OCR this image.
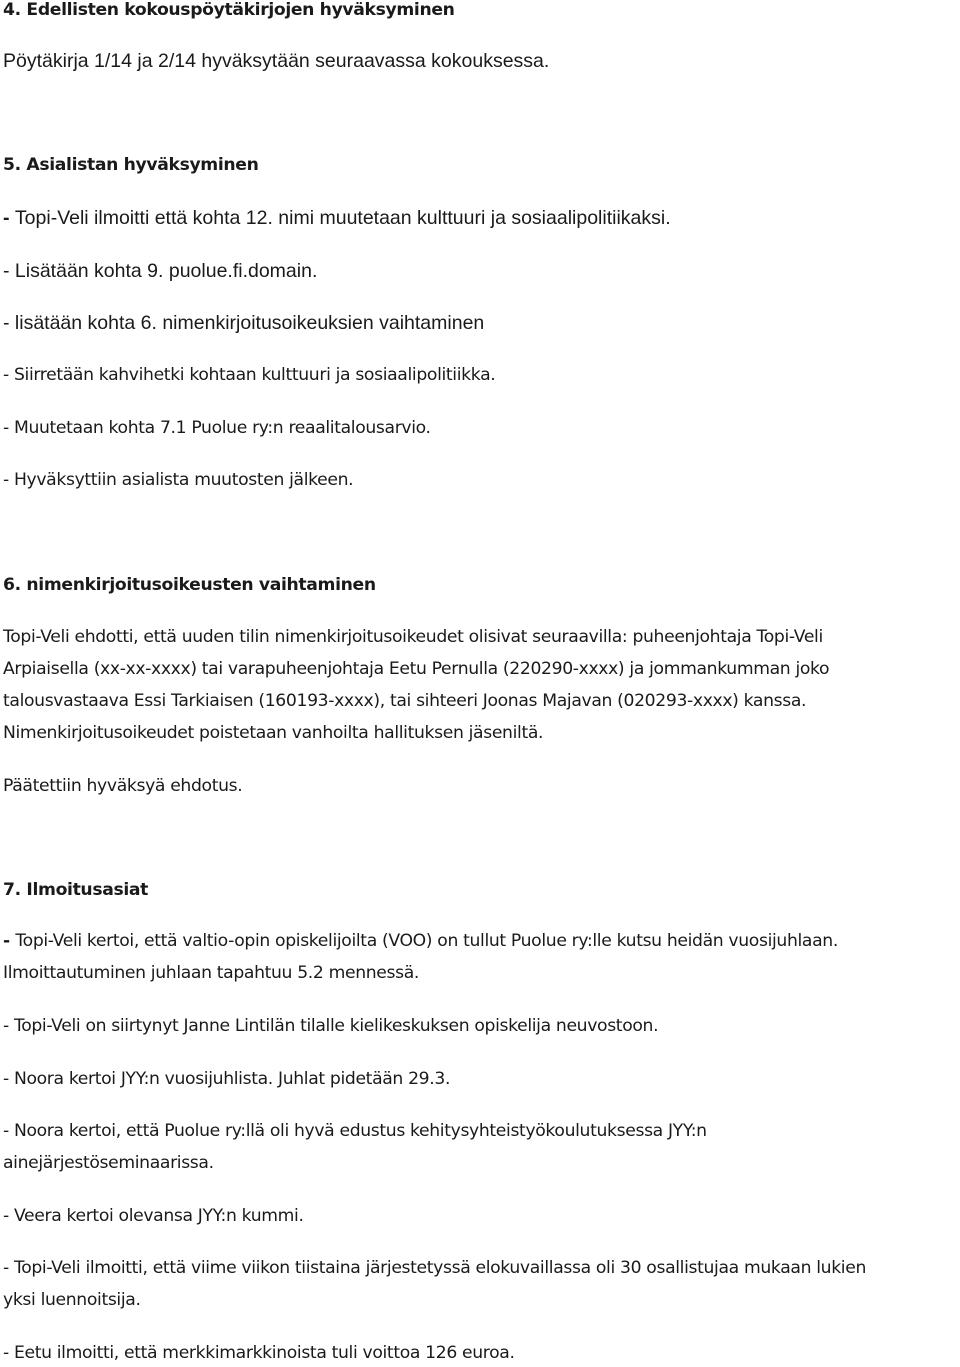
4. Edellisten kokouspöytäkirjojen hyväksyminen
Pöytäkirja 1/14 ja 2/14 hyväksytään seuraavassa kokouksessa.
5. Asialistan hyväksyminen
- Topi-Veli ilmoitti että kohta 12. nimi muutetaan kulttuuri ja sosiaalipolitiikaksi.
- Lisätään kohta 9. puolue.fi.domain.
- lisätään kohta 6. nimenkirjoitusoikeuksien vaihtaminen
- Siirretään kahvihetki kohtaan kulttuuri ja sosiaalipolitiikka.
- Muutetaan kohta 7.1 Puolue ry:n reaalitalousarvio.
- Hyväksyttiin asialista muutosten jälkeen.
6. nimenkirjoitusoikeusten vaihtaminen
Topi-Veli ehdotti, että uuden tilin nimenkirjoitusoikeudet olisivat seuraavilla: puheenjohtaja Topi-Veli
Arpiaisella (xx-xx-xxxx) tai varapuheenjohtaja Eetu Pernulla (220290-xxxx) ja jommankumman joko
talousvastaava Essi Tarkiaisen (160193-xxxx), tai sihteeri Joonas Majavan (020293-xxxx) kanssa.
Nimenkirjoitusoikeudet poistetaan vanhoilta hallituksen jäseniltä.
Päätettiin hyväksyä ehdotus.
7. Ilmoitusasiat
- Topi-Veli kertoi, että valtio-opin opiskelijoilta (VOO) on tullut Puolue ry:lle kutsu heidän vuosijuhlaan.
Ilmoittautuminen juhlaan tapahtuu 5.2 mennessä.
- Topi-Veli on siirtynyt Janne Lintilän tilalle kielikeskuksen opiskelija neuvostoon.
- Noora kertoi JYY:n vuosijuhlista. Juhlat pidetään 29.3.
- Noora kertoi, että Puolue ry:llä oli hyvä edustus kehitysyhteistyökoulutuksessa JYY:n
ainejärjestöseminaarissa.
- Veera kertoi olevansa JYY:n kummi.
- Topi-Veli ilmoitti, että viime viikon tiistaina järjestetyssä elokuvaillassa oli 30 osallistujaa mukaan lukien
yksi luennoitsija.
- Eetu ilmoitti, että merkkimarkkinoista tuli voittoa 126 euroa.
